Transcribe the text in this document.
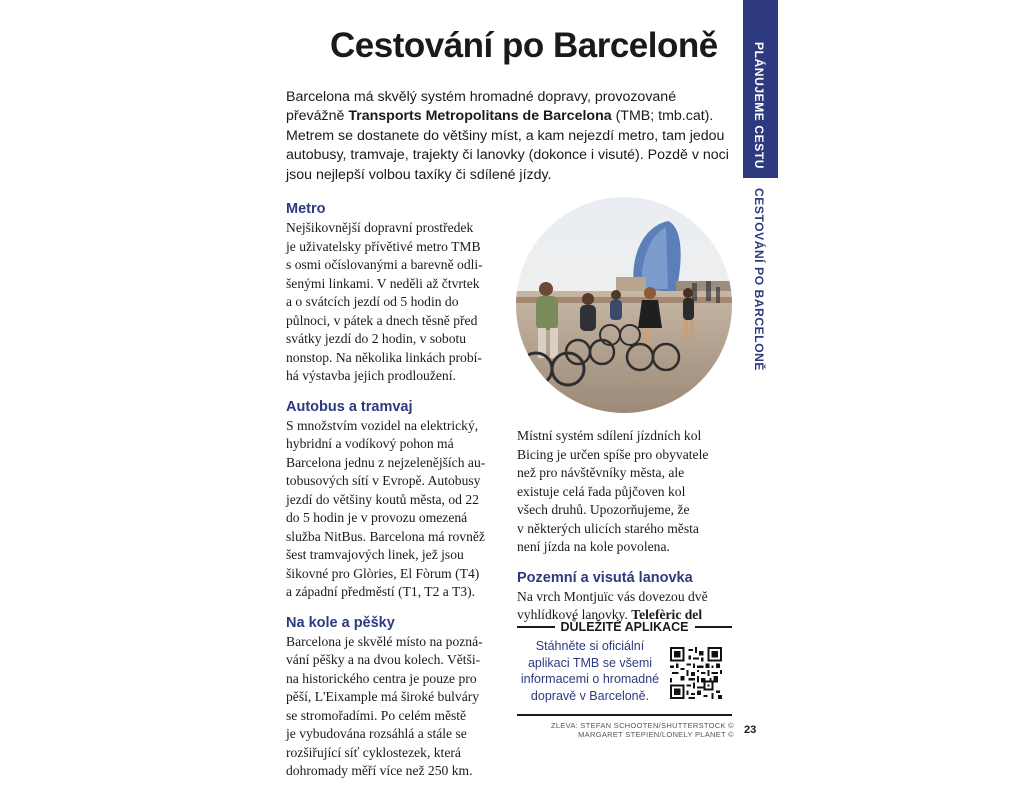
Cestování po Barceloně	PLÁNUJEME CESTU
CESTOVÁNÍ PO BARCELONĚ
Barcelona má skvělý systém hromadné dopravy, provozované převážně Transports Metropolitans de Barcelona (TMB; tmb.cat). Metrem se dostanete do většiny míst, a kam nejezdí metro, tam jedou autobusy, tramvaje, trajekty či lanovky (dokonce i visuté). Pozdě v noci jsou nejlepší volbou taxíky či sdílené jízdy.
Metro

Nejšikovnější dopravní prostředek
je uživatelsky přívětivé metro TMB
s osmi očíslovanými a barevně odli-
šenými linkami. V neděli až čtvrtek
a o svátcích jezdí od 5 hodin do
půlnoci, v pátek a dnech těsně před
svátky jezdí do 2 hodin, v sobotu
nonstop. Na několika linkách probí-
há výstavba jejich prodloužení.

Autobus a tramvaj

S množstvím vozidel na elektrický,
hybridní a vodíkový pohon má
Barcelona jednu z nejzelenějších au-
tobusových sítí v Evropě. Autobusy
jezdí do většiny koutů města, od 22
do 5 hodin je v provozu omezená
služba NitBus. Barcelona má rovněž
šest tramvajových linek, jež jsou
šikovné pro Glòries, El Fòrum (T4)
a západní předměstí (T1, T2 a T3).

Na kole a pěšky

Barcelona je skvělé místo na pozná-
vání pěšky a na dvou kolech. Větši-
na historického centra je pouze pro
pěší, L'Eixample má široké bulváry
se stromořadími. Po celém městě
je vybudována rozsáhlá a stále se
rozšiřující síť cyklostezek, která
dohromady měří více než 250 km.

Místní systém sdílení jízdních kol
Bicing je určen spíše pro obyvatele
než pro návštěvníky města, ale
existuje celá řada půjčoven kol
všech druhů. Upozorňujeme, že
v některých ulicích starého města
není jízda na kole povolena.

Pozemní a visutá lanovka

Na vrch Montjuïc vás dovezou dvě
vyhlídkové lanovky. Telefèric del

DŮLEŽITÉ APLIKACE
Stáhněte si oficiální aplikaci TMB se všemi informacemi o hromadné dopravě v Barceloně.
ZLEVA: STEFAN SCHOOTEN/SHUTTERSTOCK ©
MARGARET STEPIEN/LONELY PLANET © 23
